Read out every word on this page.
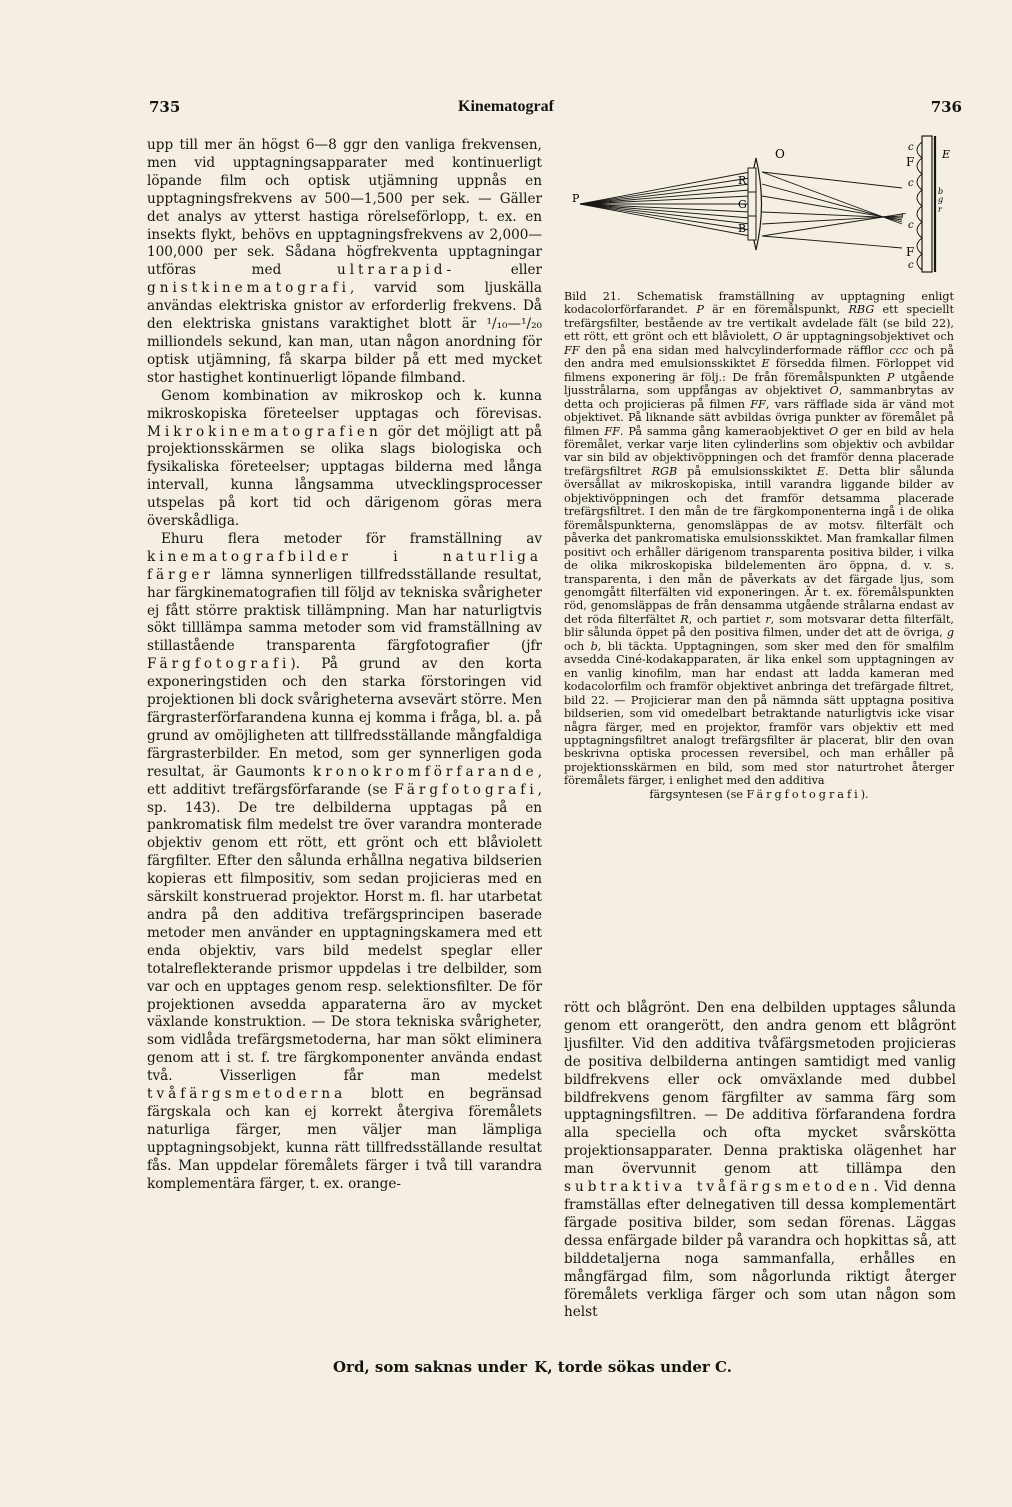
735	Kinematograf	736

upp till mer än högst 6—8 ggr den vanliga frekvensen, men vid upptagningsapparater med kontinuerligt löpande film och optisk utjämning uppnås en upptagningsfrekvens av 500—1,500 per sek. — Gäller det analys av ytterst hastiga rörelseförlopp, t. ex. en insekts flykt, behövs en upptagningsfrekvens av 2,000—100,000 per sek. Sådana högfrekventa upptagningar utföras med ultrarapid- eller gnistkinematografi, varvid som ljuskälla användas elektriska gnistor av erforderlig frekvens. Då den elektriska gnistans varaktighet blott är ¹/₁₀—¹/₂₀ milliondels sekund, kan man, utan någon anordning för optisk utjämning, få skarpa bilder på ett med mycket stor hastighet kontinuerligt löpande filmband.

Genom kombination av mikroskop och k. kunna mikroskopiska företeelser upptagas och förevisas. Mikrokinematografien gör det möjligt att på projektionsskärmen se olika slags biologiska och fysikaliska företeelser; upptagas bilderna med långa intervall, kunna långsamma utvecklingsprocesser utspelas på kort tid och därigenom göras mera överskådliga.

Ehuru flera metoder för framställning av kinematografbilder i naturliga färger lämna synnerligen tillfredsställande resultat, har färgkinematografien till följd av tekniska svårigheter ej fått större praktisk tillämpning. Man har naturligtvis sökt tilllämpa samma metoder som vid framställning av stillastående transparenta färgfotografier (jfr Färgfotografi). På grund av den korta exponeringstiden och den starka förstoringen vid projektionen bli dock svårigheterna avsevärt större. Men färgrasterförfarandena kunna ej komma i fråga, bl. a. på grund av omöjligheten att tillfredsställande mångfaldiga färgrasterbilder. En metod, som ger synnerligen goda resultat, är Gaumonts kronokromförfarande, ett additivt trefärgsförfarande (se Färgfotografi, sp. 143). De tre delbilderna upptagas på en pankromatisk film medelst tre över varandra monterade objektiv genom ett rött, ett grönt och ett blåviolett färgfilter. Efter den sålunda erhållna negativa bildserien kopieras ett filmpositiv, som sedan projicieras med en särskilt konstruerad projektor. Horst m. fl. har utarbetat andra på den additiva trefärgsprincipen baserade metoder men använder en upptagningskamera med ett enda objektiv, vars bild medelst speglar eller totalreflekterande prismor uppdelas i tre delbilder, som var och en upptages genom resp. selektionsfilter. De för projektionen avsedda apparaterna äro av mycket växlande konstruktion. — De stora tekniska svårigheter, som vidlåda trefärgsmetoderna, har man sökt eliminera genom att i st. f. tre färgkomponenter använda endast två. Visserligen får man medelst tvåfärgsmetoderna blott en begränsad färgskala och kan ej korrekt återgiva föremålets naturliga färger, men väljer man lämpliga upptagningsobjekt, kunna rätt tillfredsställande resultat fås. Man uppdelar föremålets färger i två till varandra komplementära färger, t. ex. orange-

P
O
R
G
B
F
F
E
c
c
c
c
r
g
b
r

Bild 21. Schematisk framställning av upptagning enligt kodacolorförfarandet. P är en föremålspunkt, RBG ett speciellt trefärgsfilter, bestående av tre vertikalt avdelade fält (se bild 22), ett rött, ett grönt och ett blåviolett, O är upptagningsobjektivet och FF den på ena sidan med halvcylinderformade räfflor ccc och på den andra med emulsionsskiktet E försedda filmen. Förloppet vid filmens exponering är följ.: De från föremålspunkten P utgående ljusstrålarna, som uppfångas av objektivet O, sammanbrytas av detta och projicieras på filmen FF, vars räfflade sida är vänd mot objektivet. På liknande sätt avbildas övriga punkter av föremålet på filmen FF. På samma gång kameraobjektivet O ger en bild av hela föremålet, verkar varje liten cylinderlins som objektiv och avbildar var sin bild av objektivöppningen och det framför denna placerade trefärgsfiltret RGB på emulsionsskiktet E. Detta blir sålunda översållat av mikroskopiska, intill varandra liggande bilder av objektivöppningen och det framför detsamma placerade trefärgsfiltret. I den mån de tre färgkomponenterna ingå i de olika föremålspunkterna, genomsläppas de av motsv. filterfält och påverka det pankromatiska emulsionsskiktet. Man framkallar filmen positivt och erhåller därigenom transparenta positiva bilder, i vilka de olika mikroskopiska bildelementen äro öppna, d. v. s. transparenta, i den mån de påverkats av det färgade ljus, som genomgått filterfälten vid exponeringen. Är t. ex. föremålspunkten röd, genomsläppas de från densamma utgående strålarna endast av det röda filterfältet R, och partiet r, som motsvarar detta filterfält, blir sålunda öppet på den positiva filmen, under det att de övriga, g och b, bli täckta. Upptagningen, som sker med den för smalfilm avsedda Ciné-kodakapparaten, är lika enkel som upptagningen av en vanlig kinofilm, man har endast att ladda kameran med kodacolorfilm och framför objektivet anbringa det trefärgade filtret, bild 22. — Projicierar man den på nämnda sätt upptagna positiva bildserien, som vid omedelbart betraktande naturligtvis icke visar några färger, med en projektor, framför vars objektiv ett med upptagningsfiltret analogt trefärgsfilter är placerat, blir den ovan beskrivna optiska processen reversibel, och man erhåller på projektionsskärmen en bild, som med stor naturtrohet återger föremålets färger, i enlighet med den additiva

färgsyntesen (se Färgfotografi).

rött och blågrönt. Den ena delbilden upptages sålunda genom ett orangerött, den andra genom ett blågrönt ljusfilter. Vid den additiva tvåfärgsmetoden projicieras de positiva delbilderna antingen samtidigt med vanlig bildfrekvens eller ock omväxlande med dubbel bildfrekvens genom färgfilter av samma färg som upptagningsfiltren. — De additiva förfarandena fordra alla speciella och ofta mycket svårskötta projektionsapparater. Denna praktiska olägenhet har man övervunnit genom att tillämpa den subtraktiva tvåfärgsmetoden. Vid denna framställas efter delnegativen till dessa komplementärt färgade positiva bilder, som sedan förenas. Läggas dessa enfärgade bilder på varandra och hopkittas så, att bilddetaljerna noga sammanfalla, erhålles en mångfärgad film, som någorlunda riktigt återger föremålets verkliga färger och som utan någon som helst

Ord, som saknas under K, torde sökas under C.
